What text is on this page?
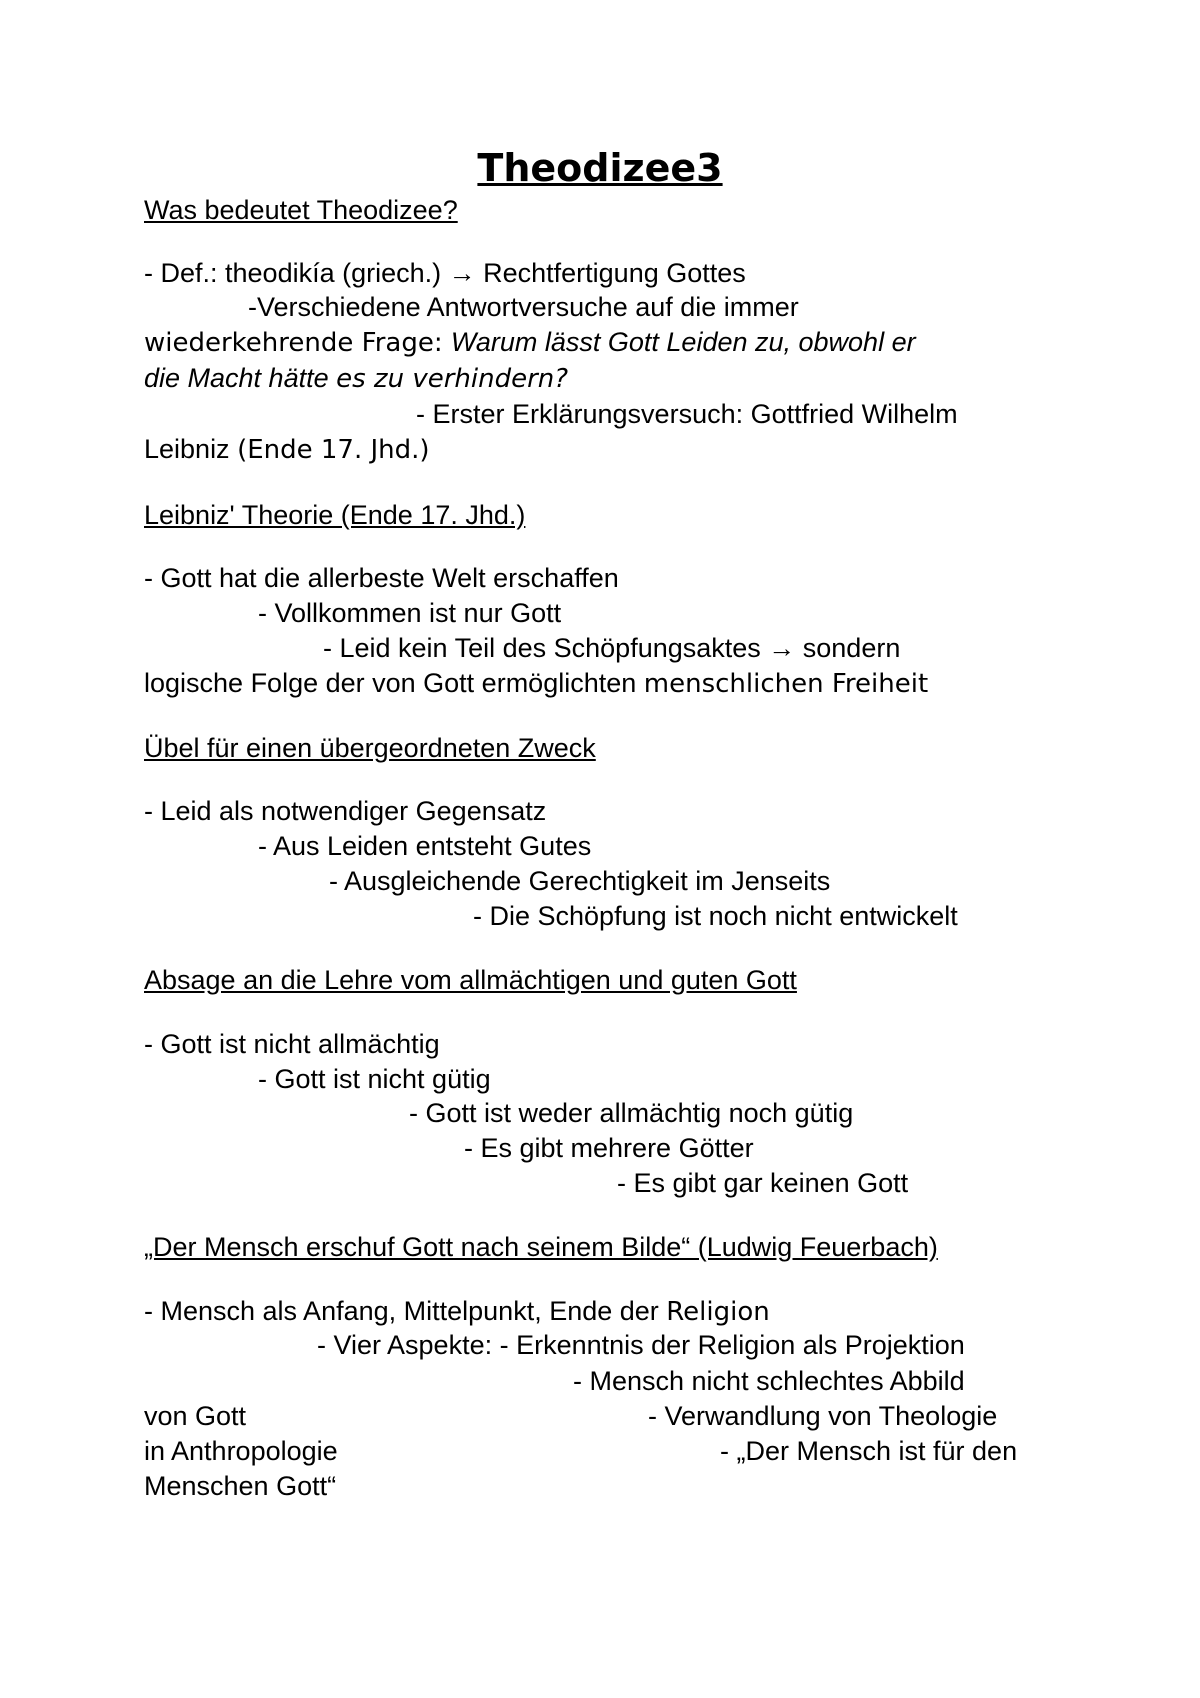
Theodizee3
Was bedeutet Theodizee?
- Def.: theodikía (griech.) → Rechtfertigung Gottes
-Verschiedene Antwortversuche auf die immer
wiederkehrende Frage: Warum lässt Gott Leiden zu, obwohl er
die Macht hätte es zu verhindern?
- Erster Erklärungsversuch: Gottfried Wilhelm
Leibniz (Ende 17. Jhd.)
Leibniz' Theorie (Ende 17. Jhd.)
- Gott hat die allerbeste Welt erschaffen
- Vollkommen ist nur Gott
- Leid kein Teil des Schöpfungsaktes → sondern
logische Folge der von Gott ermöglichten menschlichen Freiheit
Übel für einen übergeordneten Zweck
- Leid als notwendiger Gegensatz
- Aus Leiden entsteht Gutes
- Ausgleichende Gerechtigkeit im Jenseits
- Die Schöpfung ist noch nicht entwickelt
Absage an die Lehre vom allmächtigen und guten Gott
- Gott ist nicht allmächtig
- Gott ist nicht gütig
- Gott ist weder allmächtig noch gütig
- Es gibt mehrere Götter
- Es gibt gar keinen Gott
„Der Mensch erschuf Gott nach seinem Bilde“ (Ludwig Feuerbach)
- Mensch als Anfang, Mittelpunkt, Ende der Religion
- Vier Aspekte: - Erkenntnis der Religion als Projektion
- Mensch nicht schlechtes Abbild
von Gott	- Verwandlung von Theologie
in Anthropologie	- „Der Mensch ist für den
Menschen Gott“
